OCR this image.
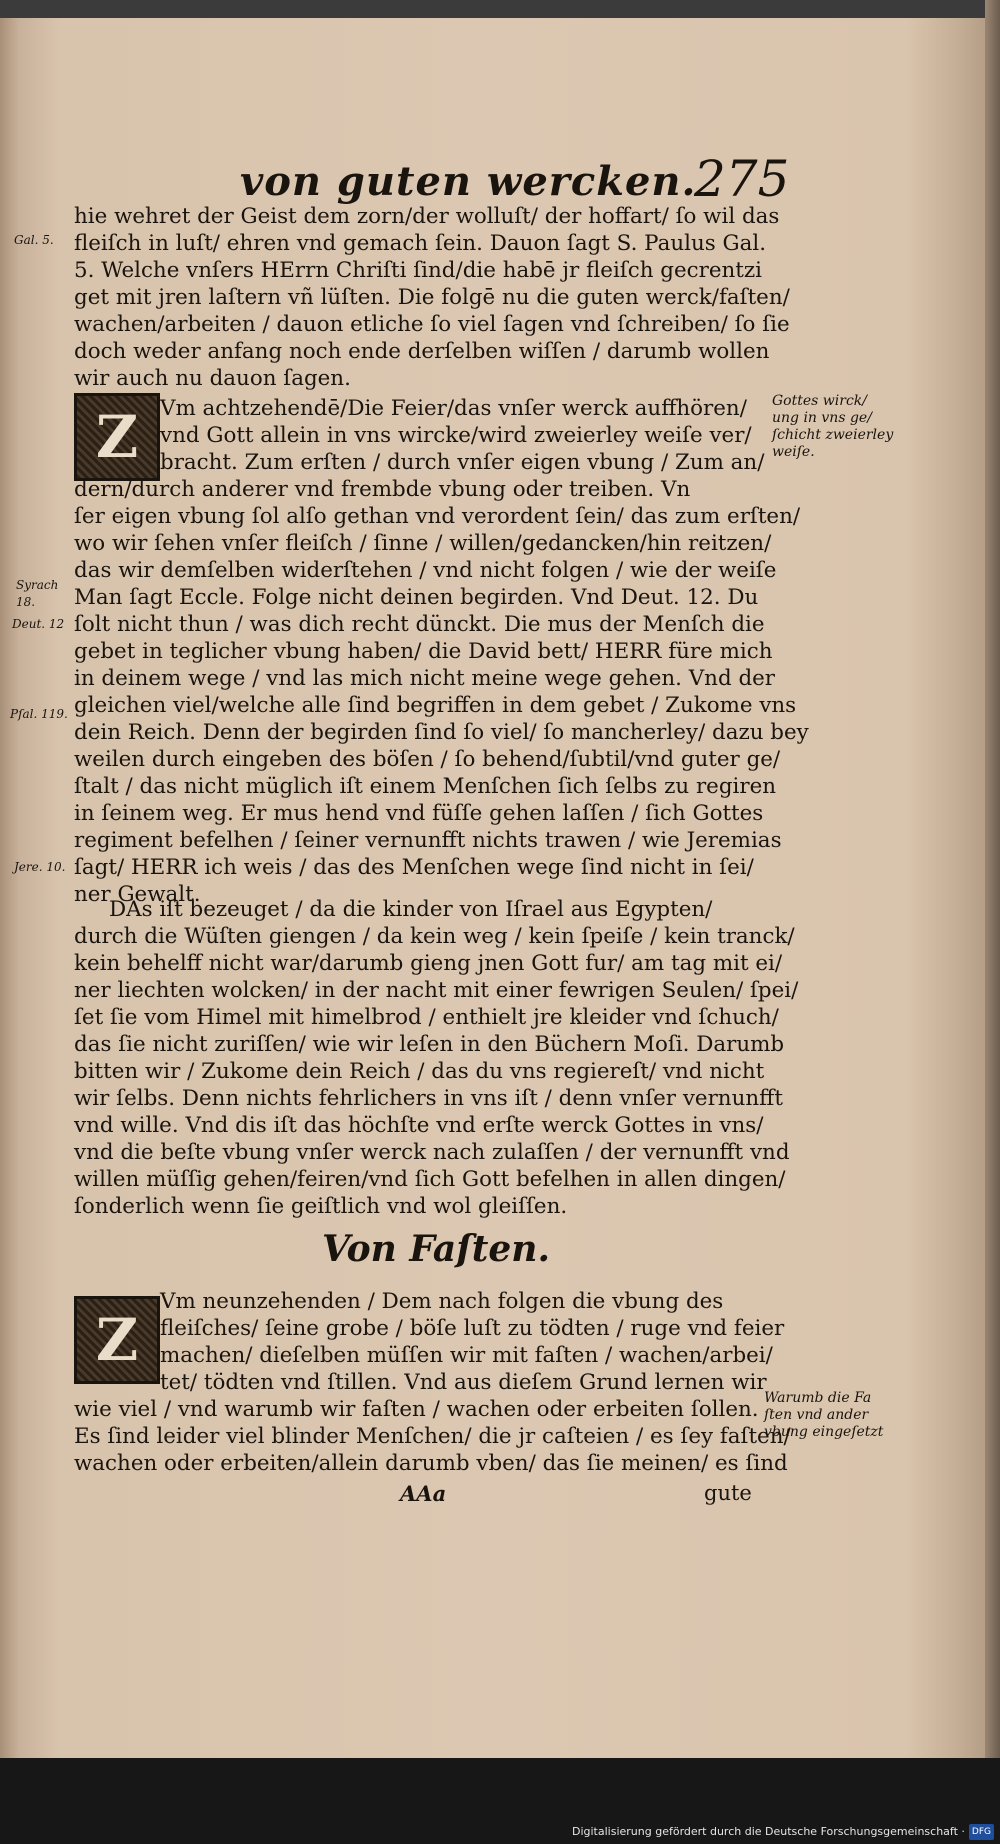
von guten wercken.
275
hie wehret der Geist dem zorn/der wolluſt/ der hoffart/ ſo wil das
fleiſch in luſt/ ehren vnd gemach ſein. Dauon ſagt S. Paulus Gal.
5. Welche vnſers HErrn Chriſti ſind/die habē jr fleiſch gecrentzi
get mit jren laſtern vñ lüſten. Die folgē nu die guten werck/faſten/
wachen/arbeiten / dauon etliche ſo viel ſagen vnd ſchreiben/ ſo ſie
doch weder anfang noch ende derſelben wiſſen / darumb wollen
wir auch nu dauon ſagen.
Z	Vm achtzehendē/Die Feier/das vnſer werck auffhören/
vnd Gott allein in vns wircke/wird zweierley weiſe ver/
bracht. Zum erſten / durch vnſer eigen vbung / Zum an/
dern/durch anderer vnd frembde vbung oder treiben. Vn
ſer eigen vbung ſol alſo gethan vnd verordent ſein/ das zum erſten/
wo wir ſehen vnſer fleiſch / ſinne / willen/gedancken/hin reitzen/
das wir demſelben widerſtehen / vnd nicht folgen / wie der weiſe
Man ſagt Eccle. Folge nicht deinen begirden. Vnd Deut. 12. Du
ſolt nicht thun / was dich recht dünckt. Die mus der Menſch die
gebet in teglicher vbung haben/ die David bett/ HERR füre mich
in deinem wege / vnd las mich nicht meine wege gehen. Vnd der
gleichen viel/welche alle ſind begriffen in dem gebet / Zukome vns
dein Reich. Denn der begirden ſind ſo viel/ ſo mancherley/ dazu bey
weilen durch eingeben des böſen / ſo behend/ſubtil/vnd guter ge/
ſtalt / das nicht müglich iſt einem Menſchen ſich ſelbs zu regiren
in ſeinem weg. Er mus hend vnd füſſe gehen laſſen / ſich Gottes
regiment befelhen / ſeiner vernunfft nichts trawen / wie Jeremias
ſagt/ HERR ich weis / das des Menſchen wege ſind nicht in ſei/
ner Gewalt.
DAs iſt bezeuget / da die kinder von Iſrael aus Egypten/
durch die Wüſten giengen / da kein weg / kein ſpeiſe / kein tranck/
kein behelff nicht war/darumb gieng jnen Gott fur/ am tag mit ei/
ner liechten wolcken/ in der nacht mit einer fewrigen Seulen/ ſpei/
ſet ſie vom Himel mit himelbrod / enthielt jre kleider vnd ſchuch/
das ſie nicht zuriſſen/ wie wir leſen in den Büchern Moſi. Darumb
bitten wir / Zukome dein Reich / das du vns regiereſt/ vnd nicht
wir ſelbs. Denn nichts fehrlichers in vns iſt / denn vnſer vernunfft
vnd wille. Vnd dis iſt das höchſte vnd erſte werck Gottes in vns/
vnd die beſte vbung vnſer werck nach zulaſſen / der vernunfft vnd
willen müſſig gehen/feiren/vnd ſich Gott befelhen in allen dingen/
ſonderlich wenn ſie geiſtlich vnd wol gleiſſen.
Von Faſten.
Z
Vm neunzehenden / Dem nach folgen die vbung des
fleiſches/ ſeine grobe / böſe luſt zu tödten / ruge vnd feier
machen/ dieſelben müſſen wir mit faſten / wachen/arbei/
tet/ tödten vnd ſtillen. Vnd aus dieſem Grund lernen wir
wie viel / vnd warumb wir faſten / wachen oder erbeiten ſollen.
Es ſind leider viel blinder Menſchen/ die jr caſteien / es ſey faſten/
wachen oder erbeiten/allein darumb vben/ das ſie meinen/ es ſind
Gal. 5.
Syrach
18.
Deut. 12
Pſal. 119.
Jere. 10.
Gottes wirck/
ung in vns ge/
ſchicht zweierley
weiſe.
Warumb die Fa
ſten vnd ander
vbung eingeſetzt
AAa	gute
Digitalisierung gefördert durch die Deutsche Forschungsgemeinschaft · DFG
